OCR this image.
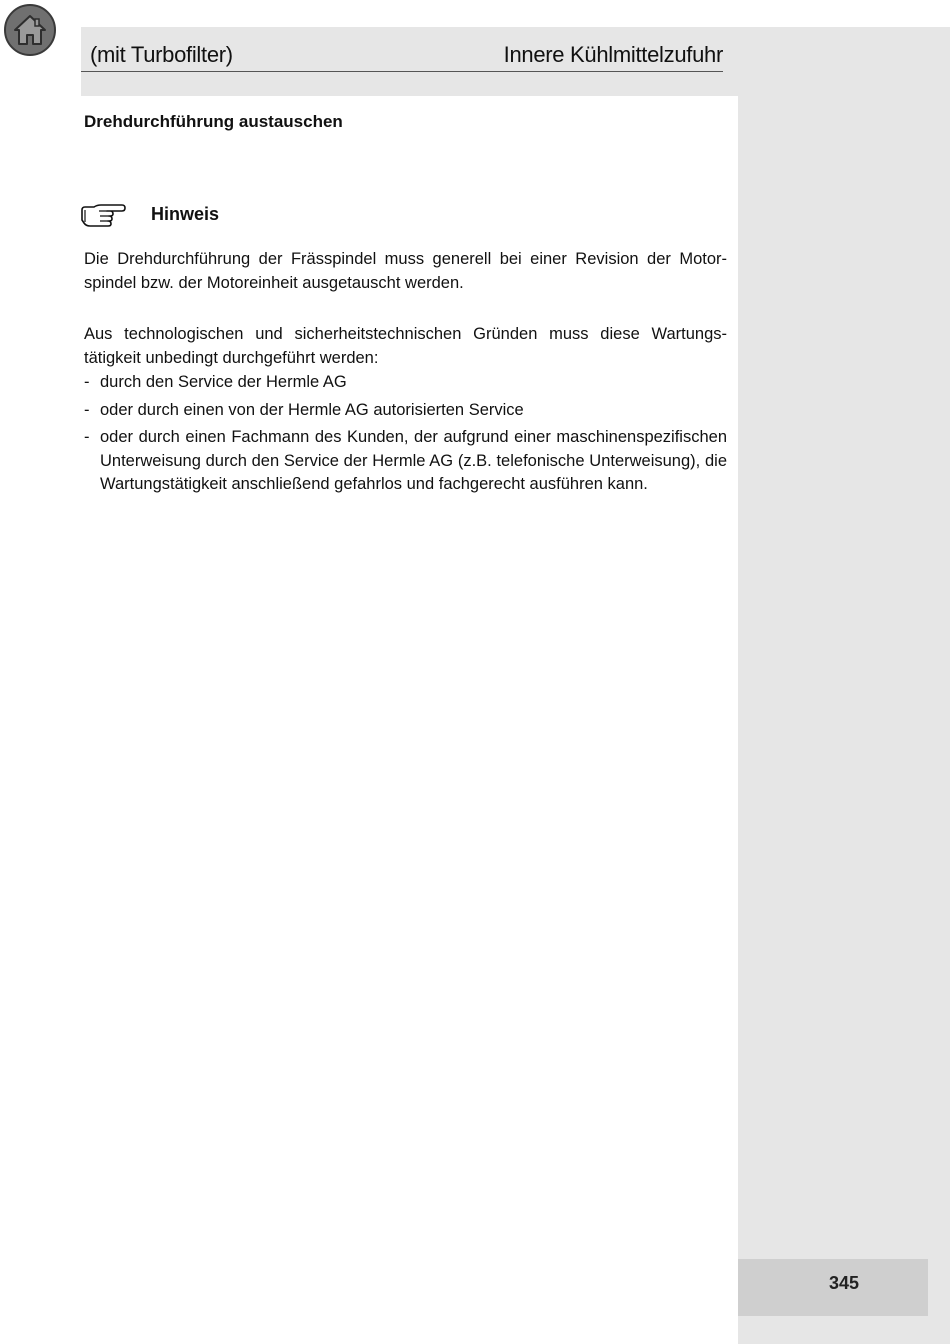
(mit Turbofilter)	Innere Kühlmittelzufuhr
Drehdurchführung austauschen
Hinweis
Die Drehdurchführung der Frässpindel muss generell bei einer Revision der Motor-spindel bzw. der Motoreinheit ausgetauscht werden.
Aus technologischen und sicherheitstechnischen Gründen muss diese Wartungs-tätigkeit unbedingt durchgeführt werden:
- durch den Service der Hermle AG
- oder durch einen von der Hermle AG autorisierten Service
- oder durch einen Fachmann des Kunden, der aufgrund einer maschinenspezifischen Unterweisung durch den Service der Hermle AG (z.B. telefonische Unterweisung), die Wartungstätigkeit anschließend gefahrlos und fachgerecht ausführen kann.
345
